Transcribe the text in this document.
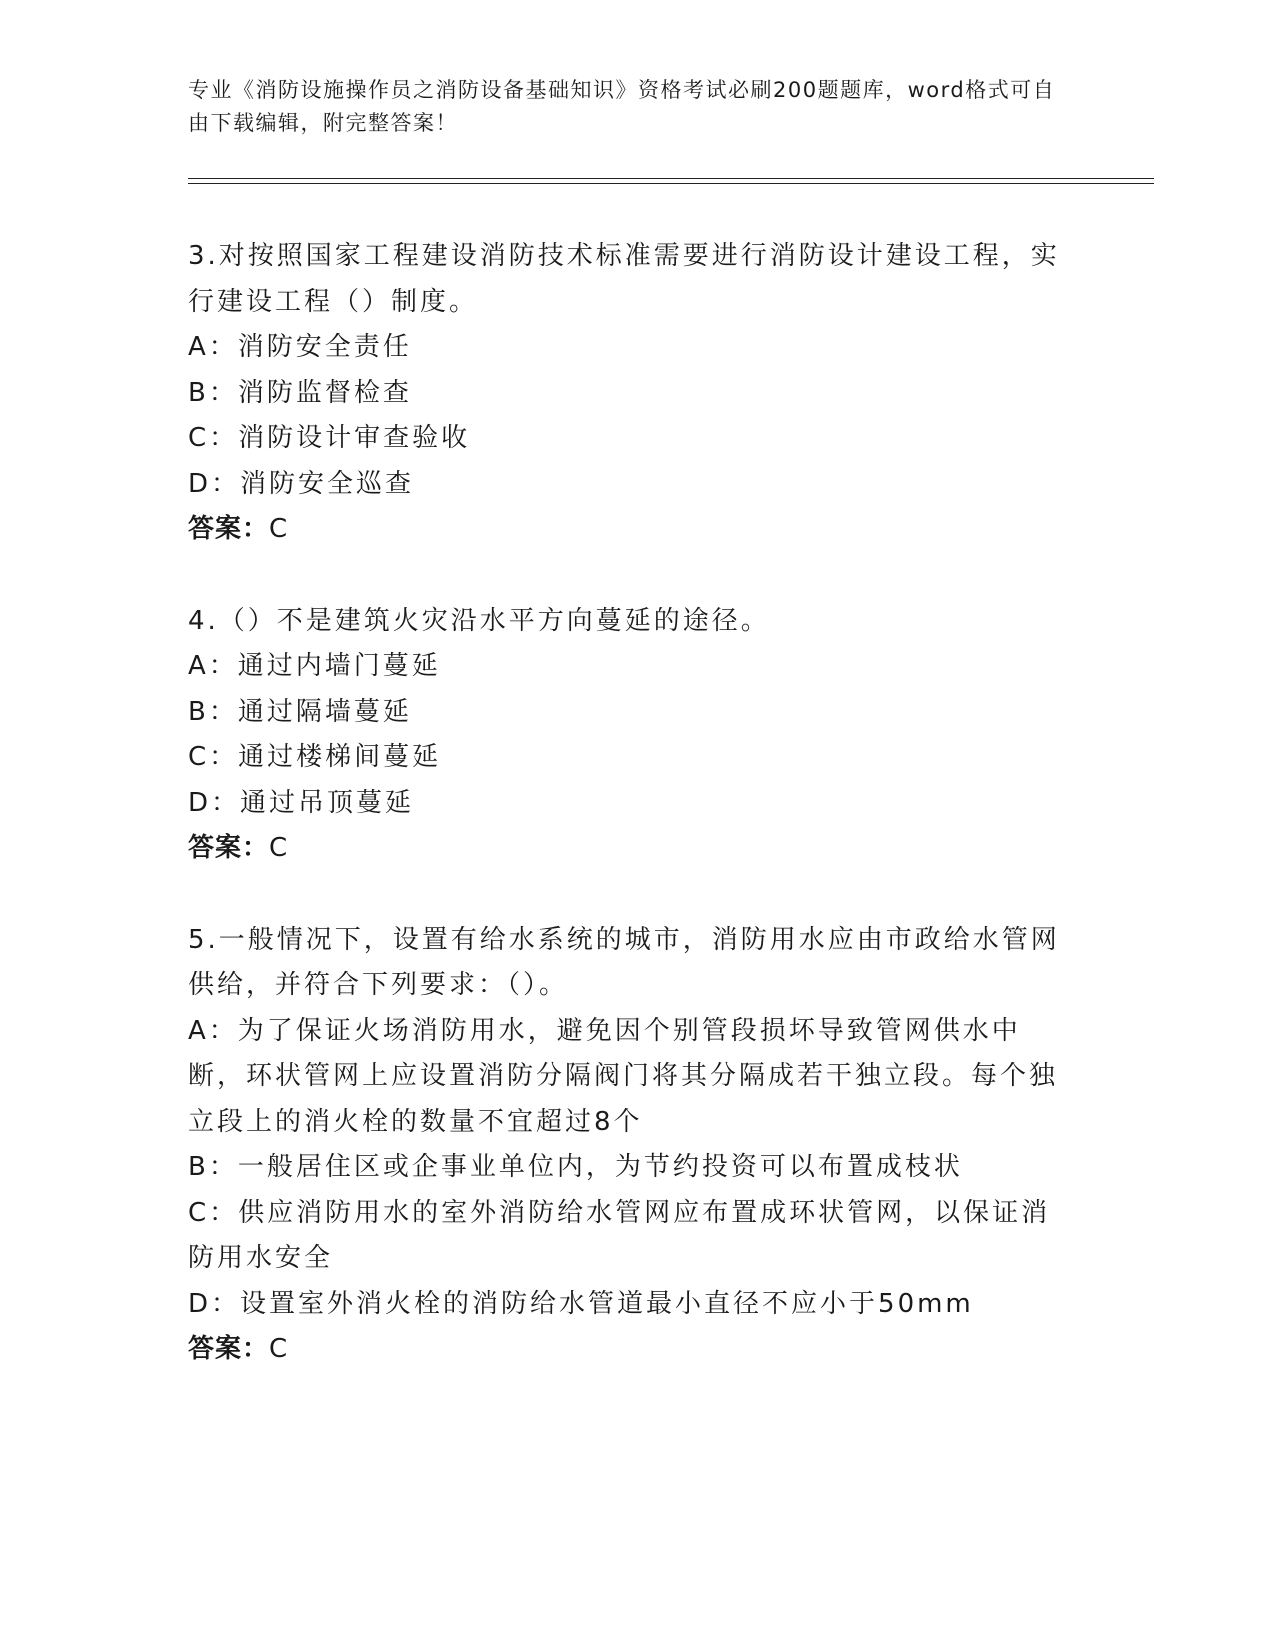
专业《消防设施操作员之消防设备基础知识》资格考试必刷200题题库，word格式可自由下载编辑，附完整答案！

3.对按照国家工程建设消防技术标准需要进行消防设计建设工程，实行建设工程（）制度。

A：消防安全责任

B：消防监督检查

C：消防设计审查验收

D：消防安全巡查

答案：C

4.（）不是建筑火灾沿水平方向蔓延的途径。

A：通过内墙门蔓延

B：通过隔墙蔓延

C：通过楼梯间蔓延

D：通过吊顶蔓延

答案：C

5.一般情况下，设置有给水系统的城市，消防用水应由市政给水管网供给，并符合下列要求：（）。

A：为了保证火场消防用水，避免因个别管段损坏导致管网供水中断，环状管网上应设置消防分隔阀门将其分隔成若干独立段。每个独立段上的消火栓的数量不宜超过8个

B：一般居住区或企事业单位内，为节约投资可以布置成枝状

C：供应消防用水的室外消防给水管网应布置成环状管网，以保证消防用水安全

D：设置室外消火栓的消防给水管道最小直径不应小于50mm

答案：C
